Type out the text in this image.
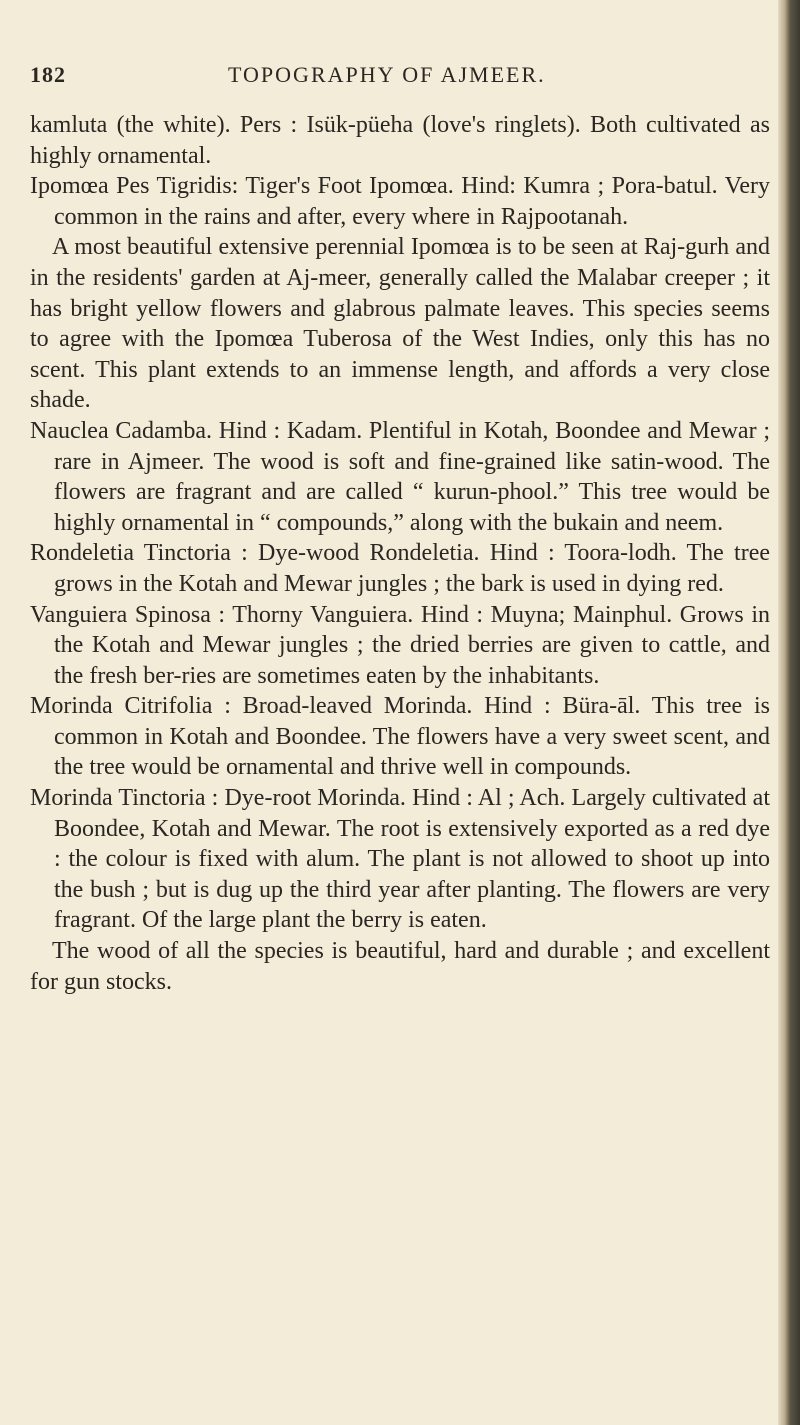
182	TOPOGRAPHY OF AJMEER.

kamluta (the white). Pers : Isük-püeha (love's ringlets). Both cultivated as highly ornamental.

Ipomœa Pes Tigridis: Tiger's Foot Ipomœa. Hind: Kumra ; Pora-batul. Very common in the rains and after, every where in Rajpootanah.

A most beautiful extensive perennial Ipomœa is to be seen at Raj-gurh and in the residents' garden at Aj-meer, generally called the Malabar creeper ; it has bright yellow flowers and glabrous palmate leaves. This species seems to agree with the Ipomœa Tuberosa of the West Indies, only this has no scent. This plant extends to an immense length, and affords a very close shade.

Nauclea Cadamba. Hind : Kadam. Plentiful in Kotah, Boondee and Mewar ; rare in Ajmeer. The wood is soft and fine-grained like satin-wood. The flowers are fragrant and are called “ kurun-phool.” This tree would be highly ornamental in “ compounds,” along with the bukain and neem.

Rondeletia Tinctoria : Dye-wood Rondeletia. Hind : Toora-lodh. The tree grows in the Kotah and Mewar jungles ; the bark is used in dying red.

Vanguiera Spinosa : Thorny Vanguiera. Hind : Muyna; Mainphul. Grows in the Kotah and Mewar jungles ; the dried berries are given to cattle, and the fresh ber-ries are sometimes eaten by the inhabitants.

Morinda Citrifolia : Broad-leaved Morinda. Hind : Büra-āl. This tree is common in Kotah and Boondee. The flowers have a very sweet scent, and the tree would be ornamental and thrive well in compounds.

Morinda Tinctoria : Dye-root Morinda. Hind : Al ; Ach. Largely cultivated at Boondee, Kotah and Mewar. The root is extensively exported as a red dye : the colour is fixed with alum. The plant is not allowed to shoot up into the bush ; but is dug up the third year after planting. The flowers are very fragrant. Of the large plant the berry is eaten.

The wood of all the species is beautiful, hard and durable ; and excellent for gun stocks.
